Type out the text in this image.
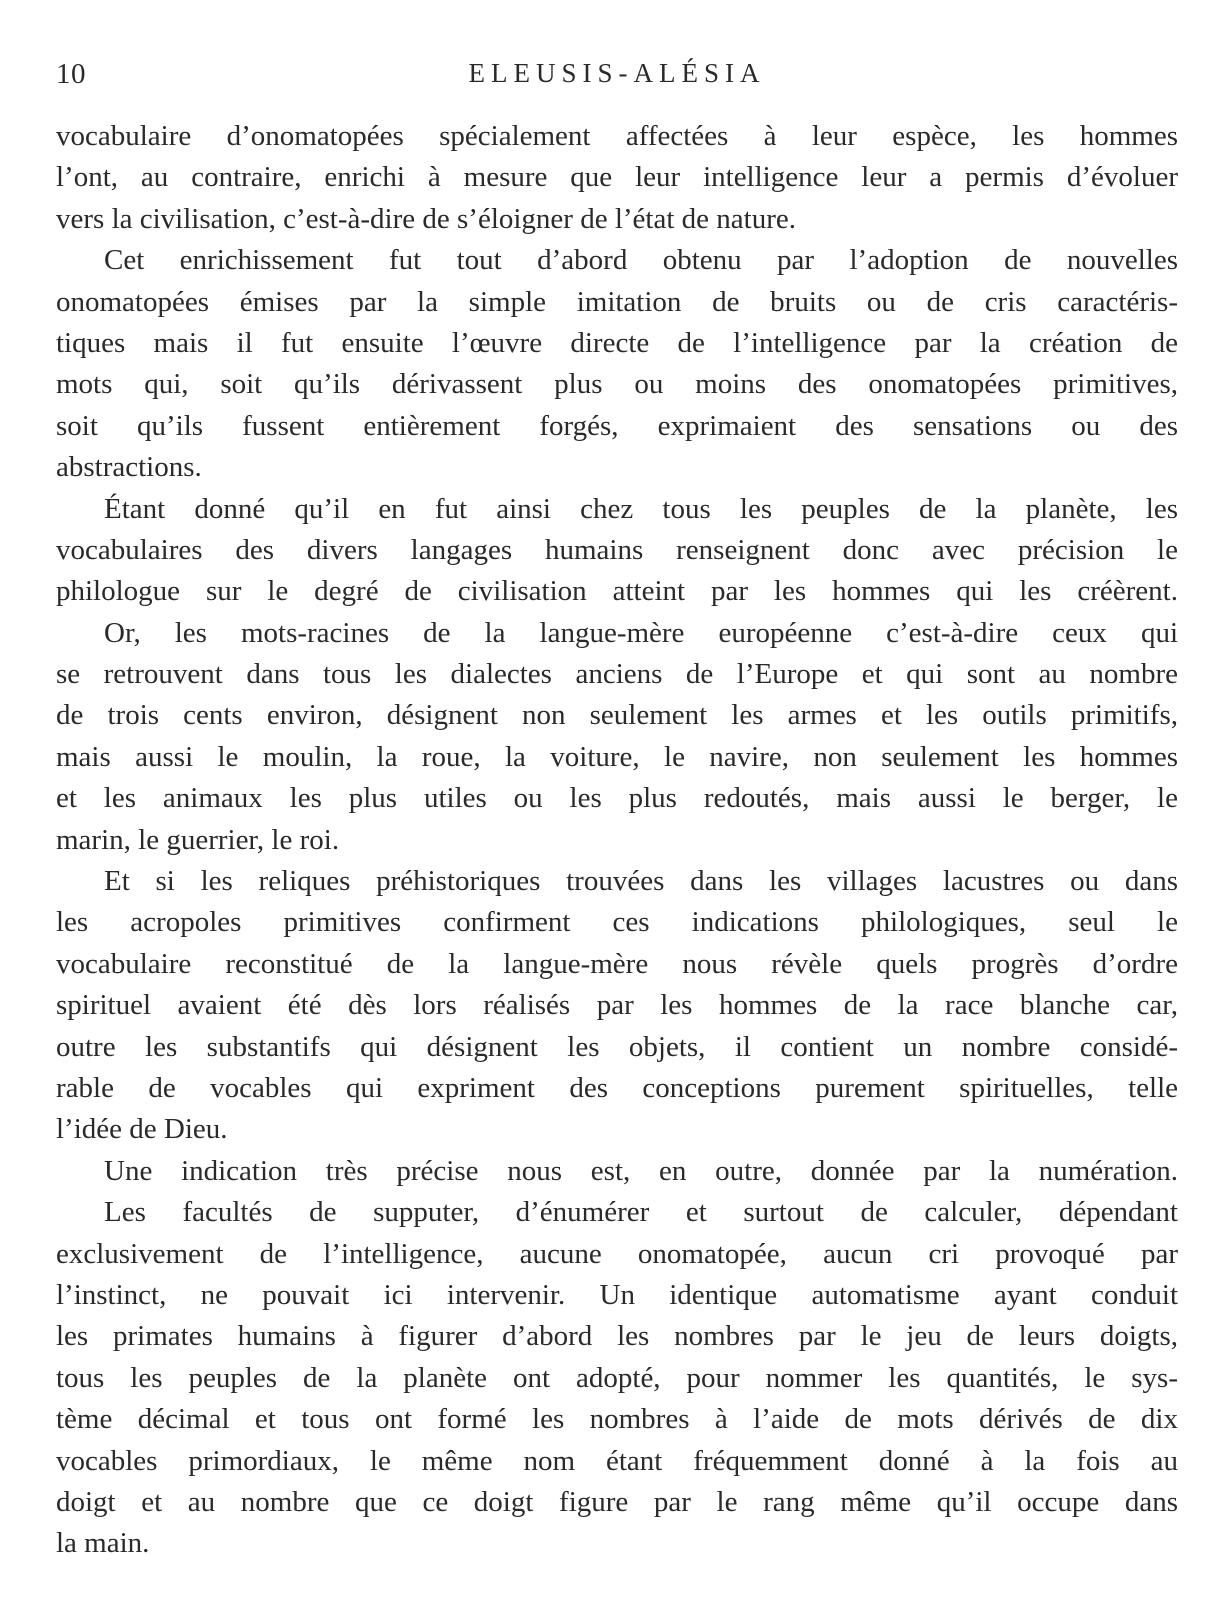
10	ELEUSIS-ALÉSIA
vocabulaire d’onomatopées spécialement affectées à leur espèce, les hommes
l’ont, au contraire, enrichi à mesure que leur intelligence leur a permis d’évoluer
vers la civilisation, c’est-à-dire de s’éloigner de l’état de nature.
Cet enrichissement fut tout d’abord obtenu par l’adoption de nouvelles
onomatopées émises par la simple imitation de bruits ou de cris caractéris-
tiques mais il fut ensuite l’œuvre directe de l’intelligence par la création de
mots qui, soit qu’ils dérivassent plus ou moins des onomatopées primitives,
soit qu’ils fussent entièrement forgés, exprimaient des sensations ou des
abstractions.
Étant donné qu’il en fut ainsi chez tous les peuples de la planète, les
vocabulaires des divers langages humains renseignent donc avec précision le
philologue sur le degré de civilisation atteint par les hommes qui les créèrent.
Or, les mots-racines de la langue-mère européenne c’est-à-dire ceux qui
se retrouvent dans tous les dialectes anciens de l’Europe et qui sont au nombre
de trois cents environ, désignent non seulement les armes et les outils primitifs,
mais aussi le moulin, la roue, la voiture, le navire, non seulement les hommes
et les animaux les plus utiles ou les plus redoutés, mais aussi le berger, le
marin, le guerrier, le roi.
Et si les reliques préhistoriques trouvées dans les villages lacustres ou dans
les acropoles primitives confirment ces indications philologiques, seul le
vocabulaire reconstitué de la langue-mère nous révèle quels progrès d’ordre
spirituel avaient été dès lors réalisés par les hommes de la race blanche car,
outre les substantifs qui désignent les objets, il contient un nombre considé-
rable de vocables qui expriment des conceptions purement spirituelles, telle
l’idée de Dieu.
Une indication très précise nous est, en outre, donnée par la numération.
Les facultés de supputer, d’énumérer et surtout de calculer, dépendant
exclusivement de l’intelligence, aucune onomatopée, aucun cri provoqué par
l’instinct, ne pouvait ici intervenir. Un identique automatisme ayant conduit
les primates humains à figurer d’abord les nombres par le jeu de leurs doigts,
tous les peuples de la planète ont adopté, pour nommer les quantités, le sys-
tème décimal et tous ont formé les nombres à l’aide de mots dérivés de dix
vocables primordiaux, le même nom étant fréquemment donné à la fois au
doigt et au nombre que ce doigt figure par le rang même qu’il occupe dans
la main.
